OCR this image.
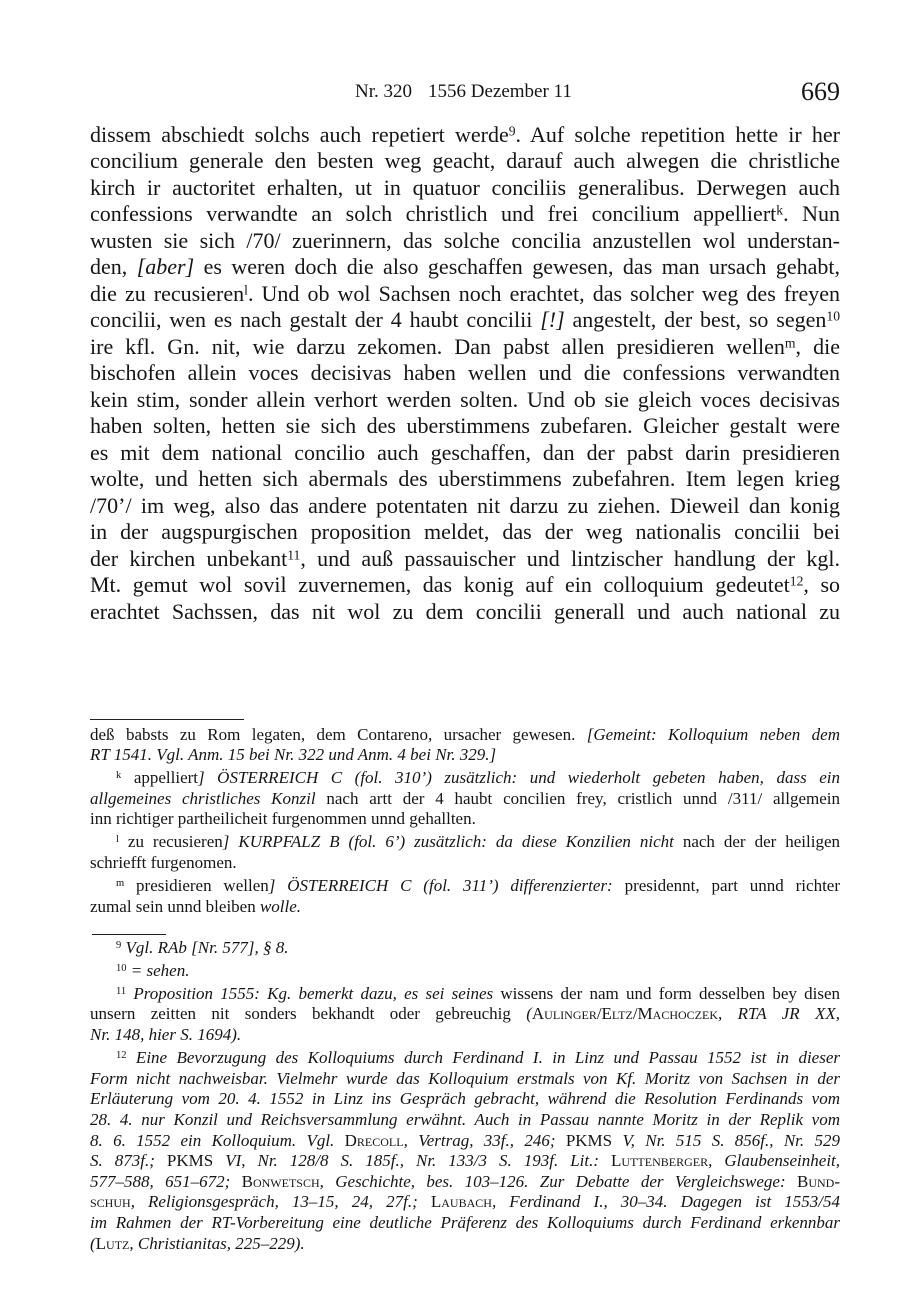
Nr. 320 1556 Dezember 11	669
dissem abschiedt solchs auch repetiert werde$^9$. Auf solche repetition hette ir her
concilium generale den besten weg geacht, darauf auch alwegen die christliche
kirch ir auctoritet erhalten, ut in quatuor conciliis generalibus. Derwegen auch
confessions verwandte an solch christlich und frei concilium appelliert$^k$. Nun
wusten sie sich /70/ zuerinnern, das solche concilia anzustellen wol understan-
den, [aber] es weren doch die also geschaffen gewesen, das man ursach gehabt,
die zu recusieren$^l$. Und ob wol Sachsen noch erachtet, das solcher weg des freyen
concilii, wen es nach gestalt der 4 haubt concilii [!] angestelt, der best, so segen$^{10}$
ire kfl. Gn. nit, wie darzu zekomen. Dan pabst allen presidieren wellen$^m$, die
bischofen allein voces decisivas haben wellen und die confessions verwandten
kein stim, sonder allein verhort werden solten. Und ob sie gleich voces decisivas
haben solten, hetten sie sich des uberstimmens zubefaren. Gleicher gestalt were
es mit dem national concilio auch geschaffen, dan der pabst darin presidieren
wolte, und hetten sich abermals des uberstimmens zubefahren. Item legen krieg
/70’/ im weg, also das andere potentaten nit darzu zu ziehen. Dieweil dan konig
in der augspurgischen proposition meldet, das der weg nationalis concilii bei
der kirchen unbekant$^{11}$, und auß passauischer und lintzischer handlung der kgl.
Mt. gemut wol sovil zuvernemen, das konig auf ein colloquium gedeutet$^{12}$, so
erachtet Sachssen, das nit wol zu dem concilii generall und auch national zu
deß babsts zu Rom legaten, dem Contareno, ursacher gewesen. [Gemeint: Kolloquium neben dem
RT 1541. Vgl. Anm. 15 bei Nr. 322 und Anm. 4 bei Nr. 329.]
$^k$ appelliert] ÖSTERREICH C (fol. 310’) zusätzlich: und wiederholt gebeten haben, dass ein
allgemeines christliches Konzil nach artt der 4 haubt concilien frey, cristlich unnd /311/ allgemein
inn richtiger partheilicheit furgenommen unnd gehallten.
$^l$ zu recusieren] KURPFALZ B (fol. 6’) zusätzlich: da diese Konzilien nicht nach der der heiligen
schriefft furgenomen.
$^m$ presidieren wellen] ÖSTERREICH C (fol. 311’) differenzierter: presidennt, part unnd richter
zumal sein unnd bleiben wolle.
$^9$ Vgl. RAb [Nr. 577], § 8.
$^{10}$ = sehen.
$^{11}$ Proposition 1555: Kg. bemerkt dazu, es sei seines wissens der nam und form desselben bey disen
unsern zeitten nit sonders bekhandt oder gebreuchig (Aulinger/Eltz/Machoczek, RTA JR XX,
Nr. 148, hier S. 1694).
$^{12}$ Eine Bevorzugung des Kolloquiums durch Ferdinand I. in Linz und Passau 1552 ist in dieser
Form nicht nachweisbar. Vielmehr wurde das Kolloquium erstmals von Kf. Moritz von Sachsen in der
Erläuterung vom 20. 4. 1552 in Linz ins Gespräch gebracht, während die Resolution Ferdinands vom
28. 4. nur Konzil und Reichsversammlung erwähnt. Auch in Passau nannte Moritz in der Replik vom
8. 6. 1552 ein Kolloquium. Vgl. Drecoll, Vertrag, 33f., 246; PKMS V, Nr. 515 S. 856f., Nr. 529
S. 873f.; PKMS VI, Nr. 128/8 S. 185f., Nr. 133/3 S. 193f. Lit.: Luttenberger, Glaubenseinheit,
577–588, 651–672; Bonwetsch, Geschichte, bes. 103–126. Zur Debatte der Vergleichswege: Bund-
schuh, Religionsgespräch, 13–15, 24, 27f.; Laubach, Ferdinand I., 30–34. Dagegen ist 1553/54
im Rahmen der RT-Vorbereitung eine deutliche Präferenz des Kolloquiums durch Ferdinand erkennbar
(Lutz, Christianitas, 225–229).
